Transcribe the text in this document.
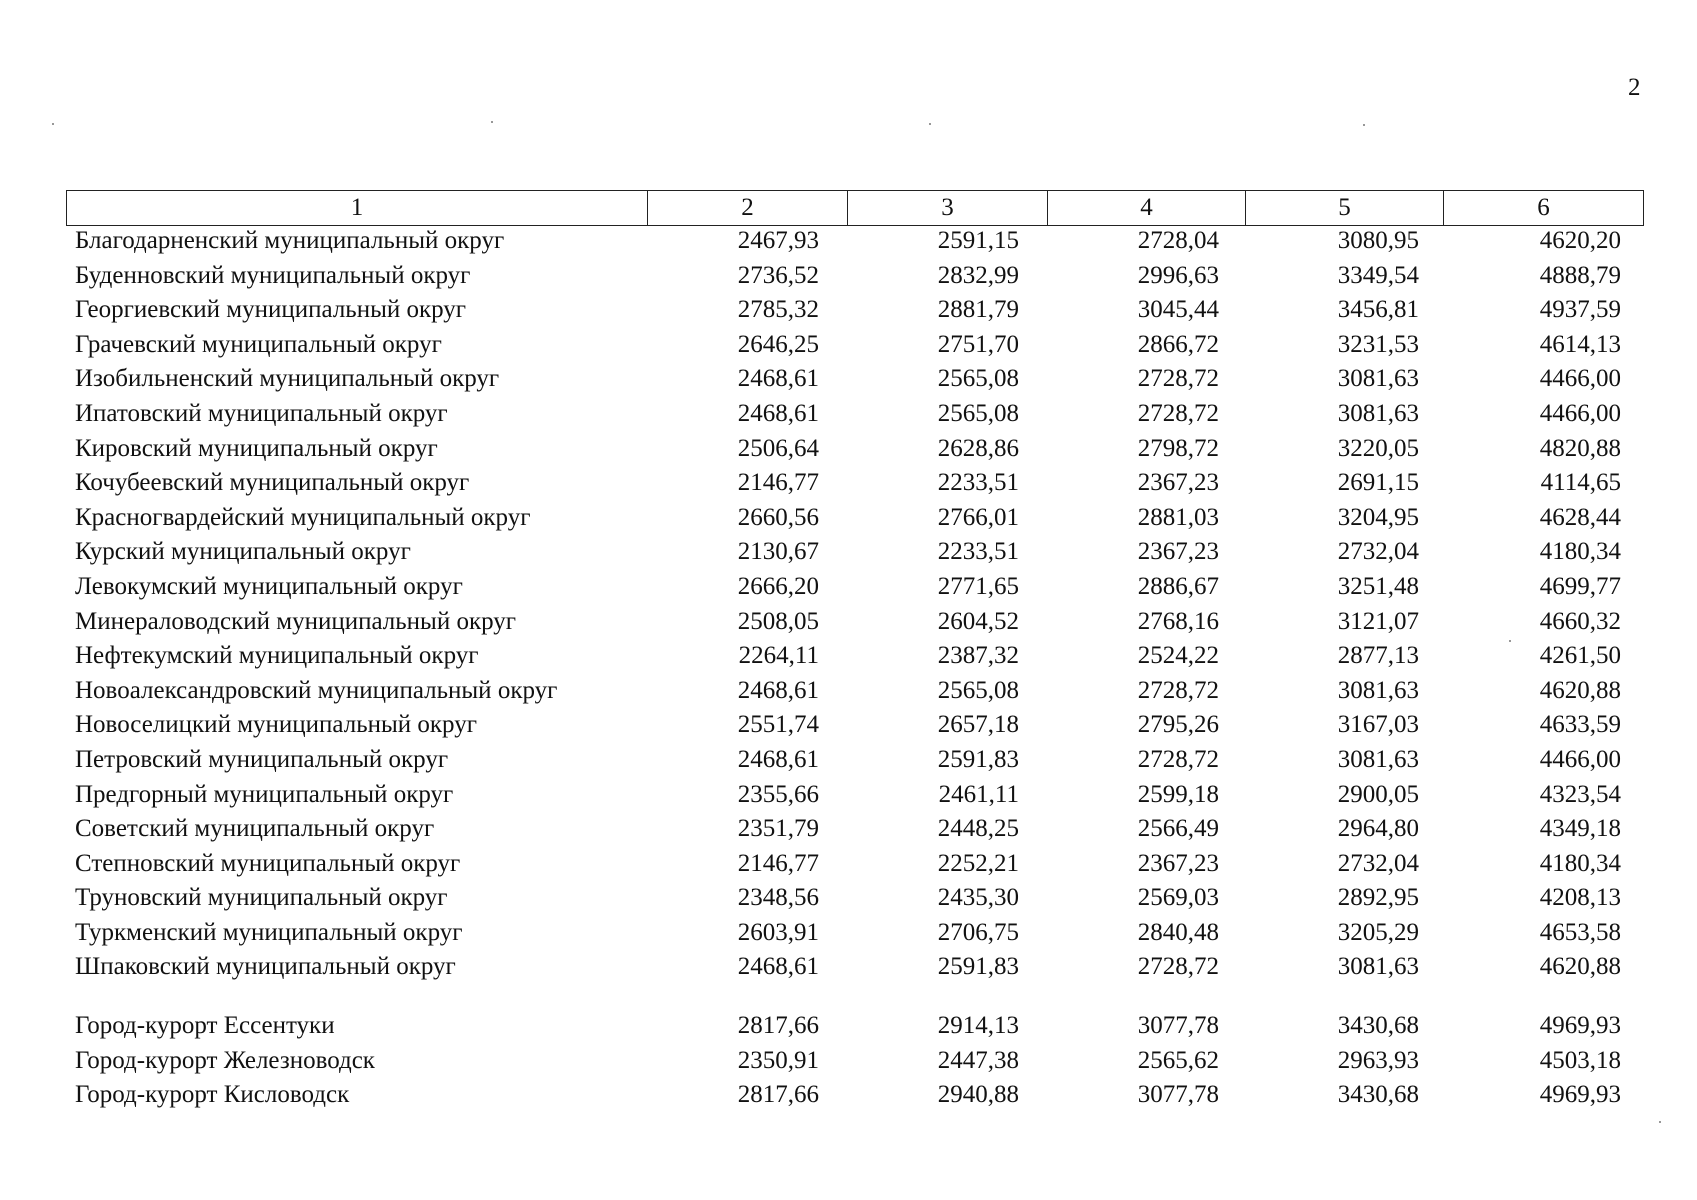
2
1	2	3	4	5	6
Благодарненский муниципальный округ	2467,93	2591,15	2728,04	3080,95	4620,20
Буденновский муниципальный округ	2736,52	2832,99	2996,63	3349,54	4888,79
Георгиевский муниципальный округ	2785,32	2881,79	3045,44	3456,81	4937,59
Грачевский муниципальный округ	2646,25	2751,70	2866,72	3231,53	4614,13
Изобильненский муниципальный округ	2468,61	2565,08	2728,72	3081,63	4466,00
Ипатовский муниципальный округ	2468,61	2565,08	2728,72	3081,63	4466,00
Кировский муниципальный округ	2506,64	2628,86	2798,72	3220,05	4820,88
Кочубеевский муниципальный округ	2146,77	2233,51	2367,23	2691,15	4114,65
Красногвардейский муниципальный округ	2660,56	2766,01	2881,03	3204,95	4628,44
Курский муниципальный округ	2130,67	2233,51	2367,23	2732,04	4180,34
Левокумский муниципальный округ	2666,20	2771,65	2886,67	3251,48	4699,77
Минераловодский муниципальный округ	2508,05	2604,52	2768,16	3121,07	4660,32
Нефтекумский муниципальный округ	2264,11	2387,32	2524,22	2877,13	4261,50
Новоалександровский муниципальный округ	2468,61	2565,08	2728,72	3081,63	4620,88
Новоселицкий муниципальный округ	2551,74	2657,18	2795,26	3167,03	4633,59
Петровский муниципальный округ	2468,61	2591,83	2728,72	3081,63	4466,00
Предгорный муниципальный округ	2355,66	2461,11	2599,18	2900,05	4323,54
Советский муниципальный округ	2351,79	2448,25	2566,49	2964,80	4349,18
Степновский муниципальный округ	2146,77	2252,21	2367,23	2732,04	4180,34
Труновский муниципальный округ	2348,56	2435,30	2569,03	2892,95	4208,13
Туркменский муниципальный округ	2603,91	2706,75	2840,48	3205,29	4653,58
Шпаковский муниципальный округ	2468,61	2591,83	2728,72	3081,63	4620,88

Город-курорт Ессентуки	2817,66	2914,13	3077,78	3430,68	4969,93
Город-курорт Железноводск	2350,91	2447,38	2565,62	2963,93	4503,18
Город-курорт Кисловодск	2817,66	2940,88	3077,78	3430,68	4969,93
